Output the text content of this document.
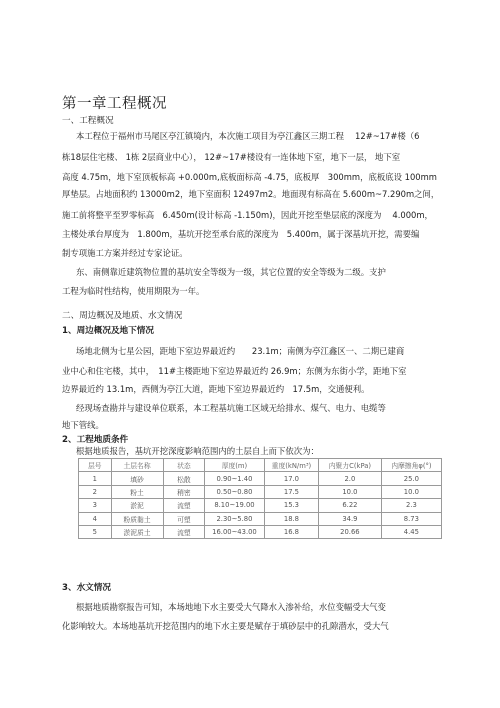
第一章工程概况
一、工程概况
本工程位于福州市马尾区亭江镇境内，本次施工项目为亭江鑫区三期工程　 12#~17#楼（6
栋18层住宅楼、 1栋 2层商业中心）， 12#~17#楼设有一连体地下室，地下一层， 地下室
高度 4.75m，地下室顶板标高 +0.000m,底板面标高 -4.75，底板厚　300mm，底板底设 100mm
厚垫层。占地面积约 13000m2，地下室面积 12497m2。地面现有标高在 5.600m~7.290m之间，
施工前将整平至罗零标高　6.450m(设计标高 -1.150m)，因此开挖至垫层底的深度为　 4.000m，
主楼处承台厚度为　1.800m，基坑开挖至承台底的深度为　5.400m，属于深基坑开挖，需要编
制专项施工方案并经过专家论证。
东、南侧靠近建筑物位置的基坑安全等级为一级，其它位置的安全等级为二级。支护
工程为临时性结构，使用期限为一年。
二、周边概况及地质、水文情况
1、周边概况及地下情况
场地北侧为七星公园，距地下室边界最近约　　23.1m；南侧为亭江鑫区一、二期已建商
业中心和住宅楼，其中，　11#主楼距地下室边界最近约 26.9m；东侧为东街小学，距地下室
边界最近约 13.1m，西侧为亭江大道，距地下室边界最近约　17.5m，交通便利。
经现场查勘并与建设单位联系，本工程基坑施工区域无给排水、煤气、电力、电缆等
地下管线。
2、工程地质条件
根据地质报告，基坑开挖深度影响范围内的土层自上而下依次为：
层号	土层名称	状态	厚度(m)	重度(kN/m³)	内聚力C(kPa)	内摩擦角φ(°)
1	填砂	松散	0.90~1.40	17.0	2.0	25.0
2	粉土	稍密	0.50~0.80	17.5	10.0	10.0
3	淤泥	流塑	8.10~19.00	15.3	6.22	2.3
4	粉质黏土	可塑	2.30~5.80	18.8	34.9	8.73
5	淤泥质土	流塑	16.00~43.00	16.8	20.66	4.45
3、水文情况
根据地质勘察报告可知，本场地地下水主要受大气降水入渗补给，水位变幅受大气变
化影响较大。本场地基坑开挖范围内的地下水主要是赋存于填砂层中的孔隙潜水，受大气
